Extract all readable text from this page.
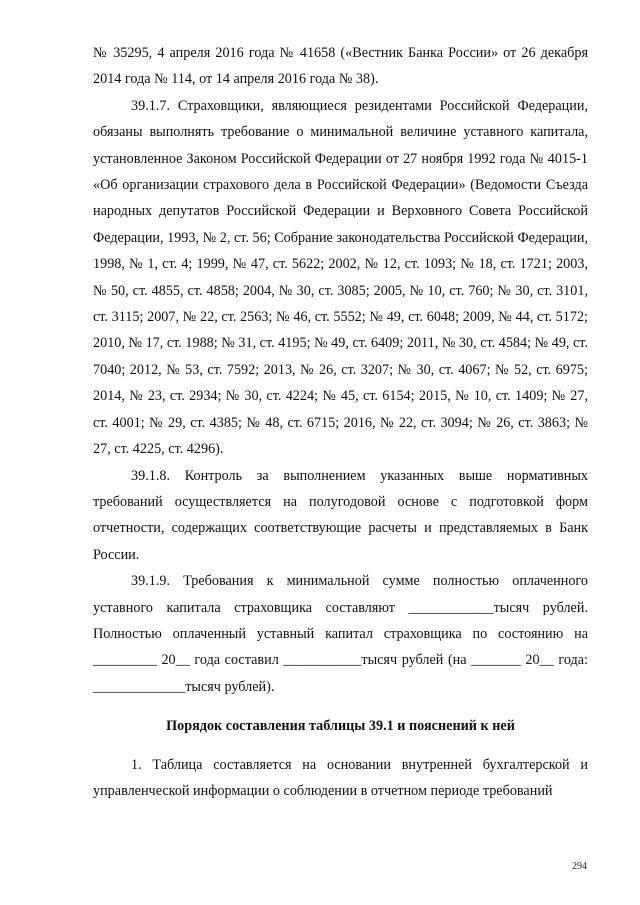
№ 35295, 4 апреля 2016 года № 41658 («Вестник Банка России» от 26 декабря 2014 года № 114, от 14 апреля 2016 года № 38).

39.1.7. Страховщики, являющиеся резидентами Российской Федерации, обязаны выполнять требование о минимальной величине уставного капитала, установленное Законом Российской Федерации от 27 ноября 1992 года № 4015-1 «Об организации страхового дела в Российской Федерации» (Ведомости Съезда народных депутатов Российской Федерации и Верховного Совета Российской Федерации, 1993, № 2, ст. 56; Собрание законодательства Российской Федерации, 1998, № 1, ст. 4; 1999, № 47, ст. 5622; 2002, № 12, ст. 1093; № 18, ст. 1721; 2003, № 50, ст. 4855, ст. 4858; 2004, № 30, ст. 3085; 2005, № 10, ст. 760; № 30, ст. 3101, ст. 3115; 2007, № 22, ст. 2563; № 46, ст. 5552; № 49, ст. 6048; 2009, № 44, ст. 5172; 2010, № 17, ст. 1988; № 31, ст. 4195; № 49, ст. 6409; 2011, № 30, ст. 4584; № 49, ст. 7040; 2012, № 53, ст. 7592; 2013, № 26, ст. 3207; № 30, ст. 4067; № 52, ст. 6975; 2014, № 23, ст. 2934; № 30, ст. 4224; № 45, ст. 6154; 2015, № 10, ст. 1409; № 27, ст. 4001; № 29, ст. 4385; № 48, ст. 6715; 2016, № 22, ст. 3094; № 26, ст. 3863; № 27, ст. 4225, ст. 4296).

39.1.8. Контроль за выполнением указанных выше нормативных требований осуществляется на полугодовой основе с подготовкой форм отчетности, содержащих соответствующие расчеты и представляемых в Банк России.

39.1.9. Требования к минимальной сумме полностью оплаченного уставного капитала страховщика составляют ____________тысяч рублей. Полностью оплаченный уставный капитал страховщика по состоянию на _________ 20__ года составил ___________тысяч рублей (на _______ 20__ года: _____________тысяч рублей).

Порядок составления таблицы 39.1 и пояснений к ней

1. Таблица составляется на основании внутренней бухгалтерской и управленческой информации о соблюдении в отчетном периоде требований

294
